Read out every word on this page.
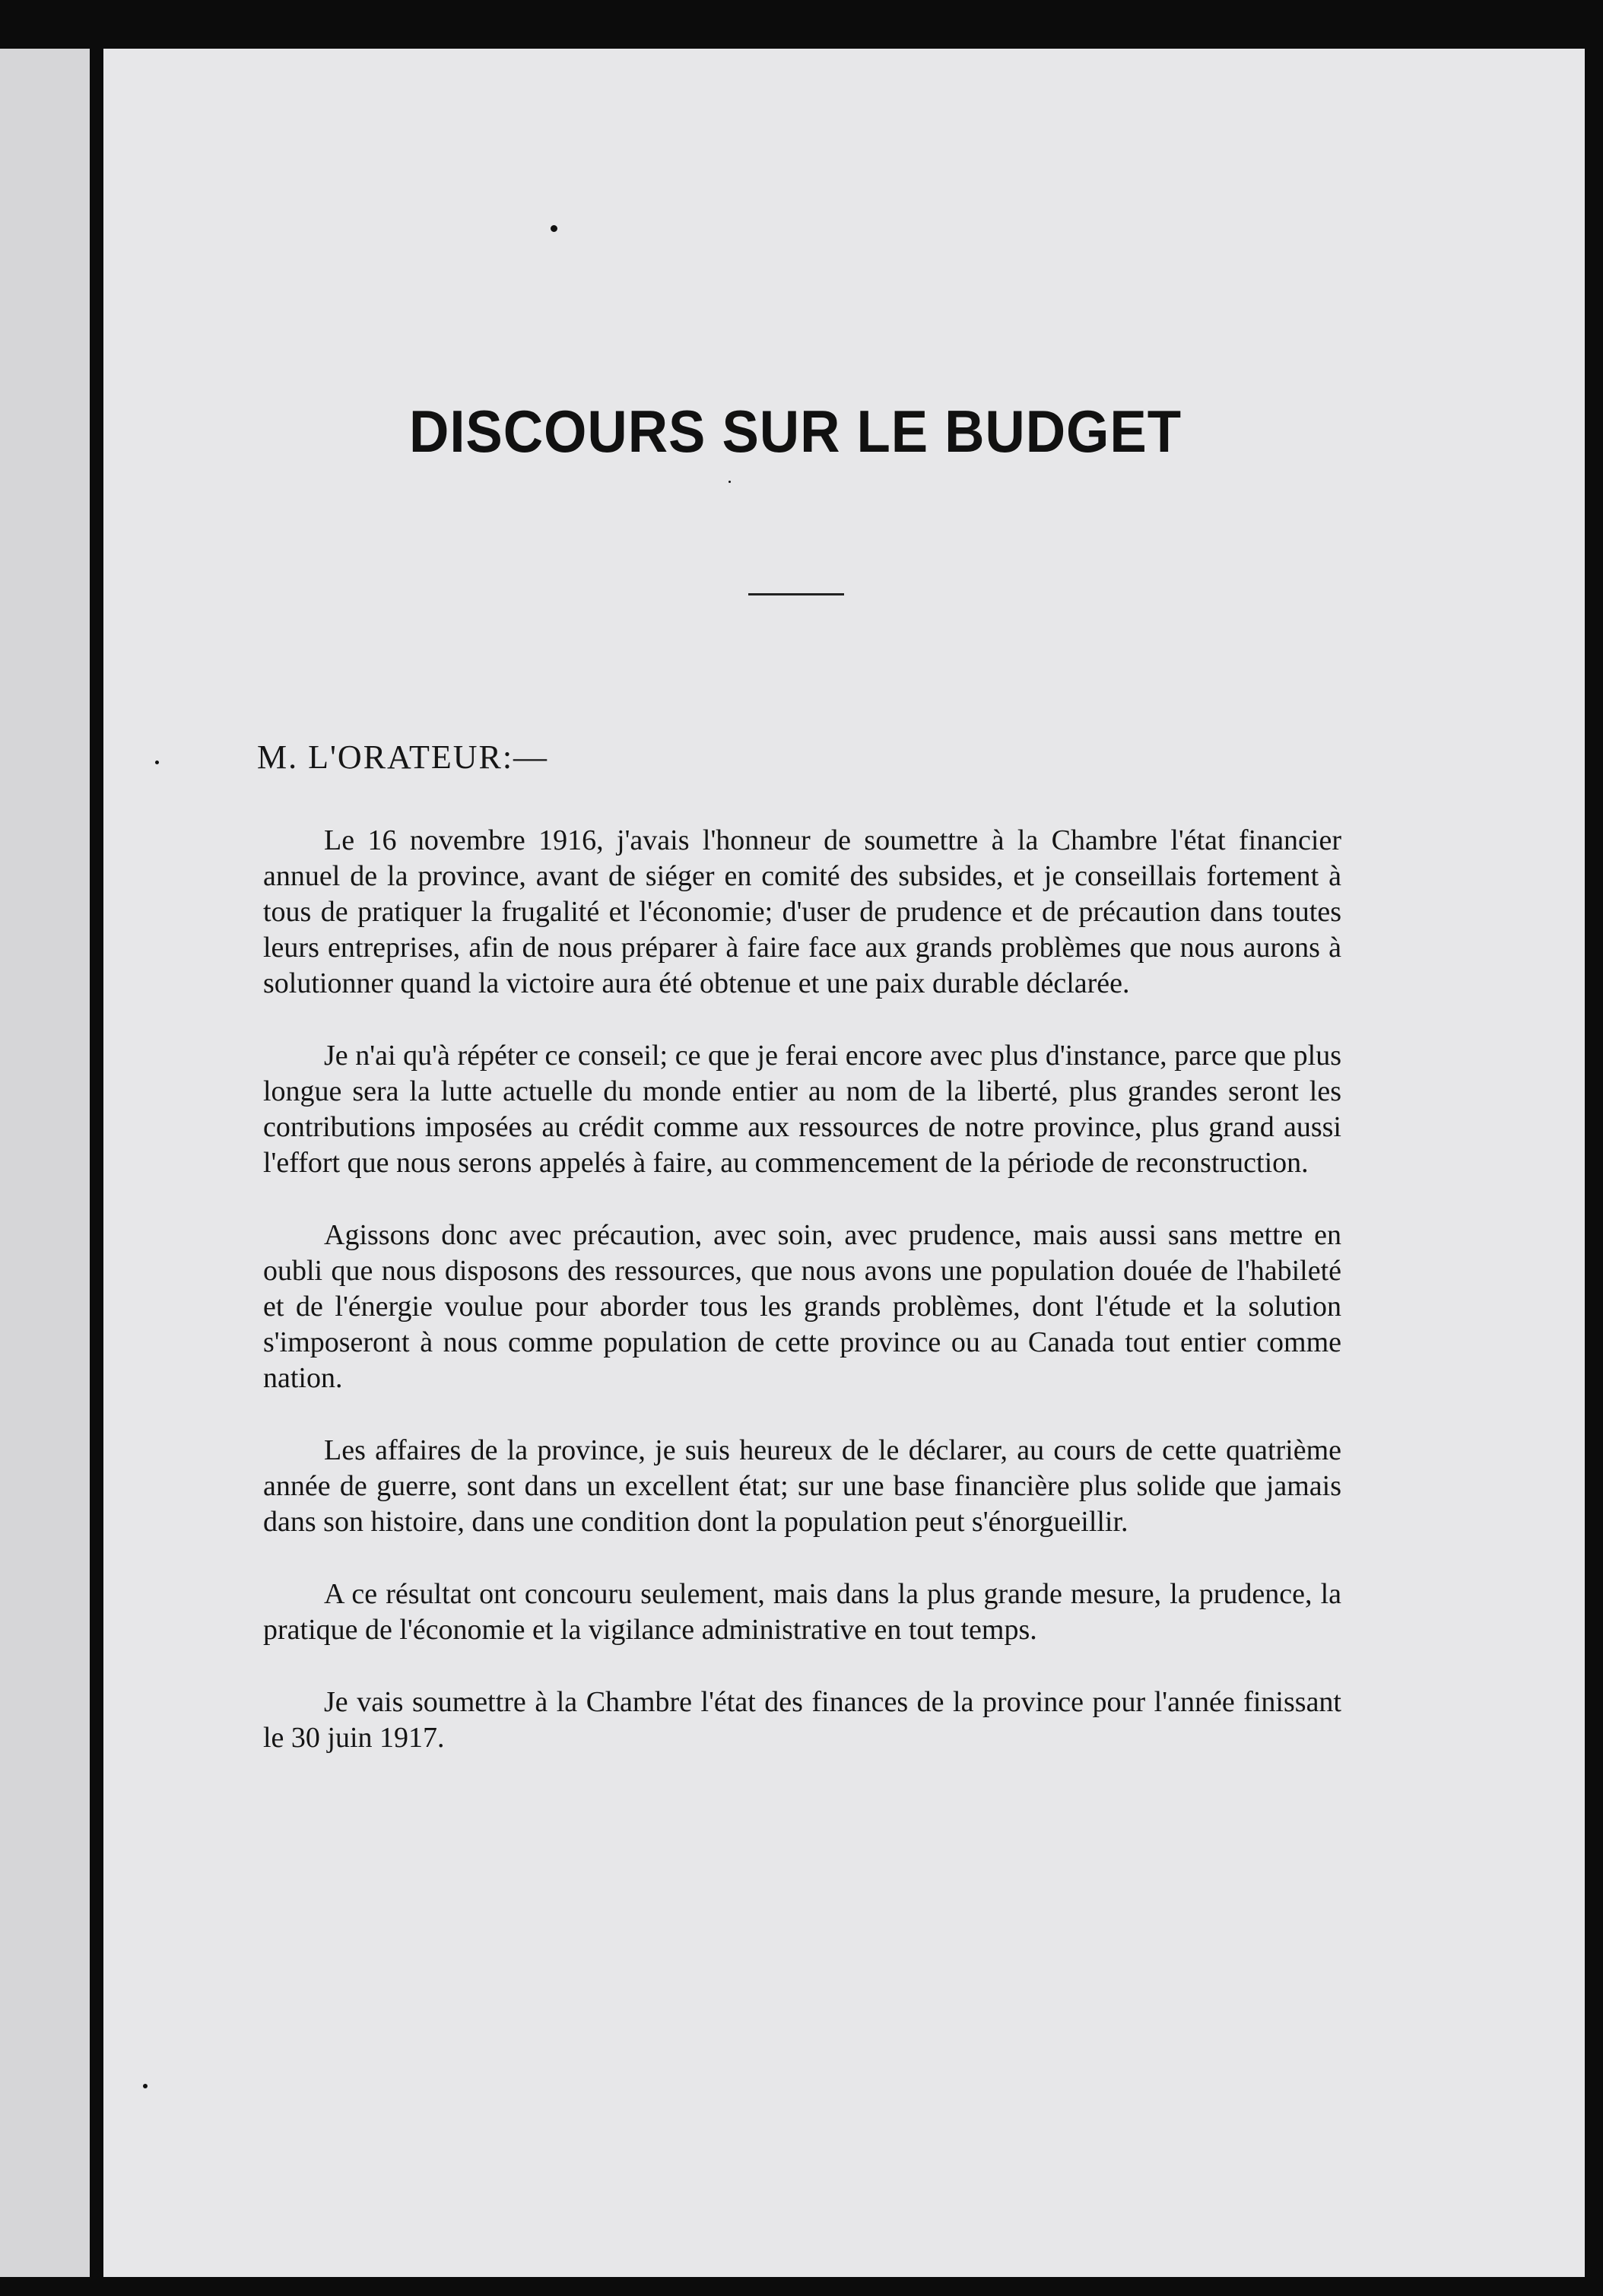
DISCOURS SUR LE BUDGET
M. L'ORATEUR:—

Le 16 novembre 1916, j'avais l'honneur de soumettre à la Chambre l'état financier annuel de la province, avant de siéger en comité des subsides, et je conseillais fortement à tous de pratiquer la frugalité et l'économie; d'user de prudence et de précaution dans toutes leurs entreprises, afin de nous préparer à faire face aux grands problèmes que nous aurons à solutionner quand la victoire aura été obtenue et une paix durable déclarée.

Je n'ai qu'à répéter ce conseil; ce que je ferai encore avec plus d'instance, parce que plus longue sera la lutte actuelle du monde entier au nom de la liberté, plus grandes seront les contributions imposées au crédit comme aux ressources de notre province, plus grand aussi l'effort que nous serons appelés à faire, au commencement de la période de reconstruction.

Agissons donc avec précaution, avec soin, avec prudence, mais aussi sans mettre en oubli que nous disposons des ressources, que nous avons une population douée de l'habileté et de l'énergie voulue pour aborder tous les grands problèmes, dont l'étude et la solution s'imposeront à nous comme population de cette province ou au Canada tout entier comme nation.

Les affaires de la province, je suis heureux de le déclarer, au cours de cette quatrième année de guerre, sont dans un excellent état; sur une base financière plus solide que jamais dans son histoire, dans une condition dont la population peut s'énorgueillir.

A ce résultat ont concouru seulement, mais dans la plus grande mesure, la prudence, la pratique de l'économie et la vigilance administrative en tout temps.

Je vais soumettre à la Chambre l'état des finances de la province pour l'année finissant le 30 juin 1917.
